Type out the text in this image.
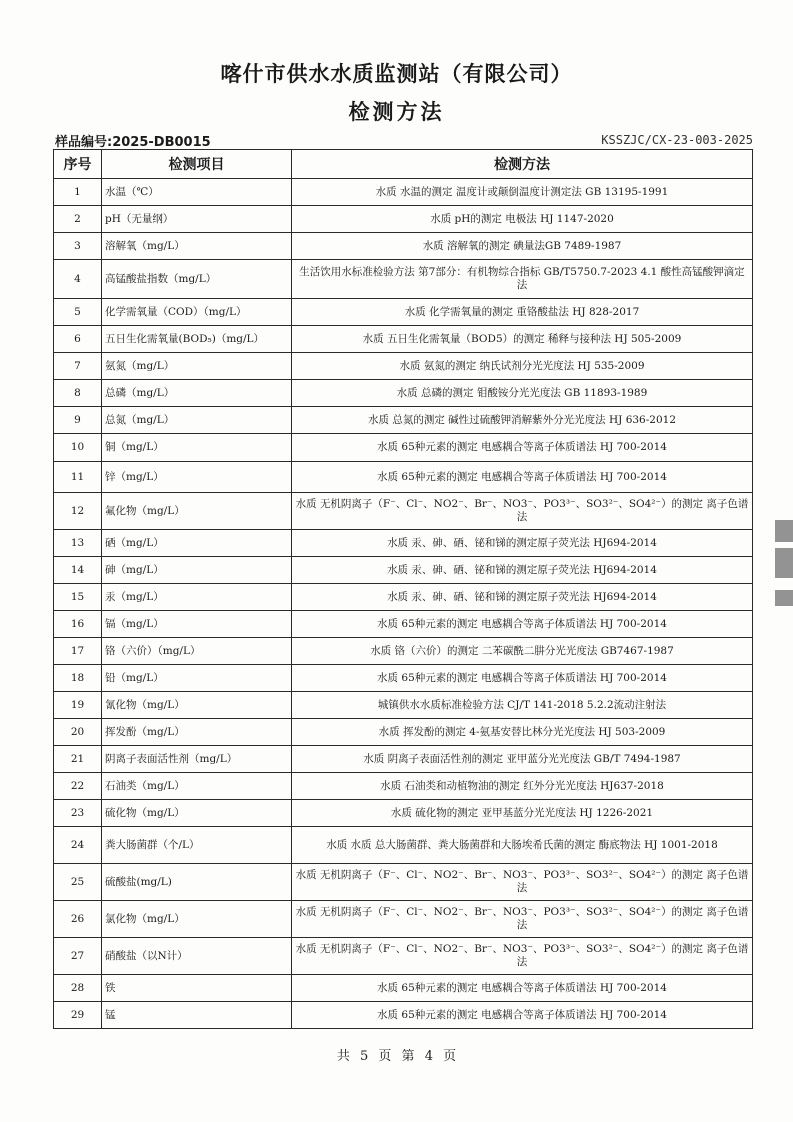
喀什市供水水质监测站（有限公司）
检测方法
样品编号:2025-DB0015	KSSZJC/CX-23-003-2025
序号	检测项目	检测方法
1	水温（℃）	水质 水温的测定 温度计或颠倒温度计测定法 GB 13195-1991
2	pH（无量纲）	水质 pH的测定 电极法 HJ 1147-2020
3	溶解氧（mg/L）	水质 溶解氧的测定 碘量法GB 7489-1987
4	高锰酸盐指数（mg/L）	生活饮用水标准检验方法 第7部分：有机物综合指标 GB/T5750.7-2023 4.1 酸性高锰酸钾滴定法
5	化学需氧量（COD）（mg/L）	水质 化学需氧量的测定 重铬酸盐法 HJ 828-2017
6	五日生化需氧量(BOD₅)（mg/L）	水质 五日生化需氧量（BOD5）的测定 稀释与接种法 HJ 505-2009
7	氨氮（mg/L）	水质 氨氮的测定 纳氏试剂分光光度法 HJ 535-2009
8	总磷（mg/L）	水质 总磷的测定 钼酸铵分光光度法 GB 11893-1989
9	总氮（mg/L）	水质 总氮的测定 碱性过硫酸钾消解紫外分光光度法 HJ 636-2012
10	铜（mg/L）	水质 65种元素的测定 电感耦合等离子体质谱法 HJ 700-2014
11	锌（mg/L）	水质 65种元素的测定 电感耦合等离子体质谱法 HJ 700-2014
12	氟化物（mg/L）	水质 无机阴离子（F⁻、Cl⁻、NO2⁻、Br⁻、NO3⁻、PO3³⁻、SO3²⁻、SO4²⁻）的测定 离子色谱法
13	硒（mg/L）	水质 汞、砷、硒、铋和锑的测定原子荧光法 HJ694-2014
14	砷（mg/L）	水质 汞、砷、硒、铋和锑的测定原子荧光法 HJ694-2014
15	汞（mg/L）	水质 汞、砷、硒、铋和锑的测定原子荧光法 HJ694-2014
16	镉（mg/L）	水质 65种元素的测定 电感耦合等离子体质谱法 HJ 700-2014
17	铬（六价）（mg/L）	水质 铬（六价）的测定 二苯碳酰二肼分光光度法 GB7467-1987
18	铅（mg/L）	水质 65种元素的测定 电感耦合等离子体质谱法 HJ 700-2014
19	氰化物（mg/L）	城镇供水水质标准检验方法 CJ/T 141-2018 5.2.2流动注射法
20	挥发酚（mg/L）	水质 挥发酚的测定 4-氨基安替比林分光光度法 HJ 503-2009
21	阴离子表面活性剂（mg/L）	水质 阴离子表面活性剂的测定 亚甲蓝分光光度法 GB/T 7494-1987
22	石油类（mg/L）	水质 石油类和动植物油的测定 红外分光光度法 HJ637-2018
23	硫化物（mg/L）	水质 硫化物的测定 亚甲基蓝分光光度法 HJ 1226-2021
24	粪大肠菌群（个/L）	水质 水质 总大肠菌群、粪大肠菌群和大肠埃希氏菌的测定 酶底物法 HJ 1001-2018
25	硫酸盐(mg/L)	水质 无机阴离子（F⁻、Cl⁻、NO2⁻、Br⁻、NO3⁻、PO3³⁻、SO3²⁻、SO4²⁻）的测定 离子色谱法
26	氯化物（mg/L）	水质 无机阴离子（F⁻、Cl⁻、NO2⁻、Br⁻、NO3⁻、PO3³⁻、SO3²⁻、SO4²⁻）的测定 离子色谱法
27	硝酸盐（以N计）	水质 无机阴离子（F⁻、Cl⁻、NO2⁻、Br⁻、NO3⁻、PO3³⁻、SO3²⁻、SO4²⁻）的测定 离子色谱法
28	铁	水质 65种元素的测定 电感耦合等离子体质谱法 HJ 700-2014
29	锰	水质 65种元素的测定 电感耦合等离子体质谱法 HJ 700-2014
共 5 页 第 4 页
